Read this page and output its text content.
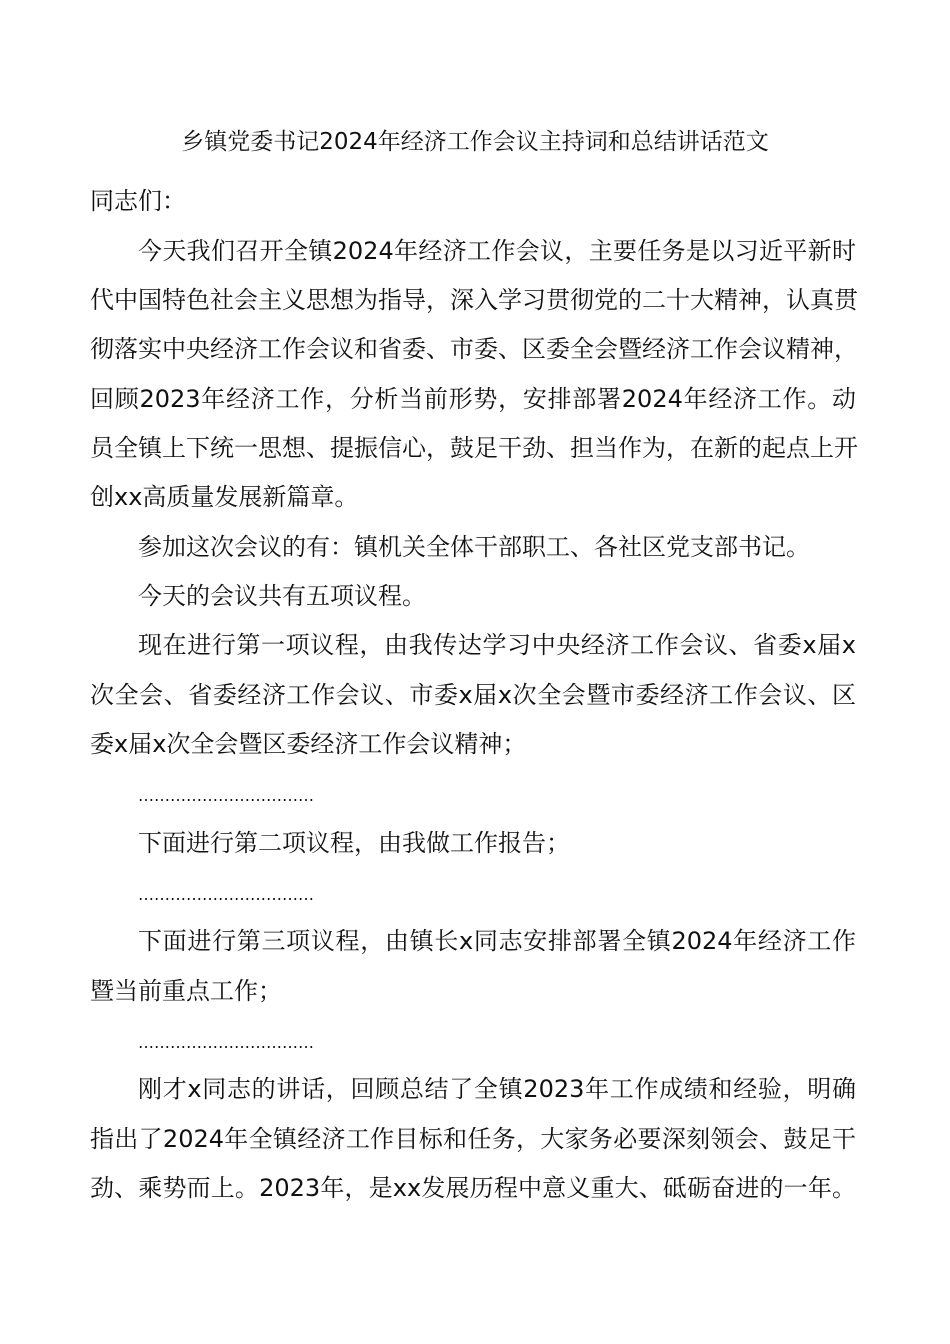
乡镇党委书记2024年经济工作会议主持词和总结讲话范文
同志们：
今天我们召开全镇2024年经济工作会议，主要任务是以习近平新时
代中国特色社会主义思想为指导，深入学习贯彻党的二十大精神，认真贯
彻落实中央经济工作会议和省委、市委、区委全会暨经济工作会议精神，
回顾2023年经济工作，分析当前形势，安排部署2024年经济工作。动
员全镇上下统一思想、提振信心，鼓足干劲、担当作为，在新的起点上开
创xx高质量发展新篇章。
参加这次会议的有：镇机关全体干部职工、各社区党支部书记。
今天的会议共有五项议程。
现在进行第一项议程，由我传达学习中央经济工作会议、省委x届x
次全会、省委经济工作会议、市委x届x次全会暨市委经济工作会议、区
委x届x次全会暨区委经济工作会议精神；
……………………………
下面进行第二项议程，由我做工作报告；
……………………………
下面进行第三项议程，由镇长x同志安排部署全镇2024年经济工作
暨当前重点工作；
……………………………
刚才x同志的讲话，回顾总结了全镇2023年工作成绩和经验，明确
指出了2024年全镇经济工作目标和任务，大家务必要深刻领会、鼓足干
劲、乘势而上。2023年，是xx发展历程中意义重大、砥砺奋进的一年。
